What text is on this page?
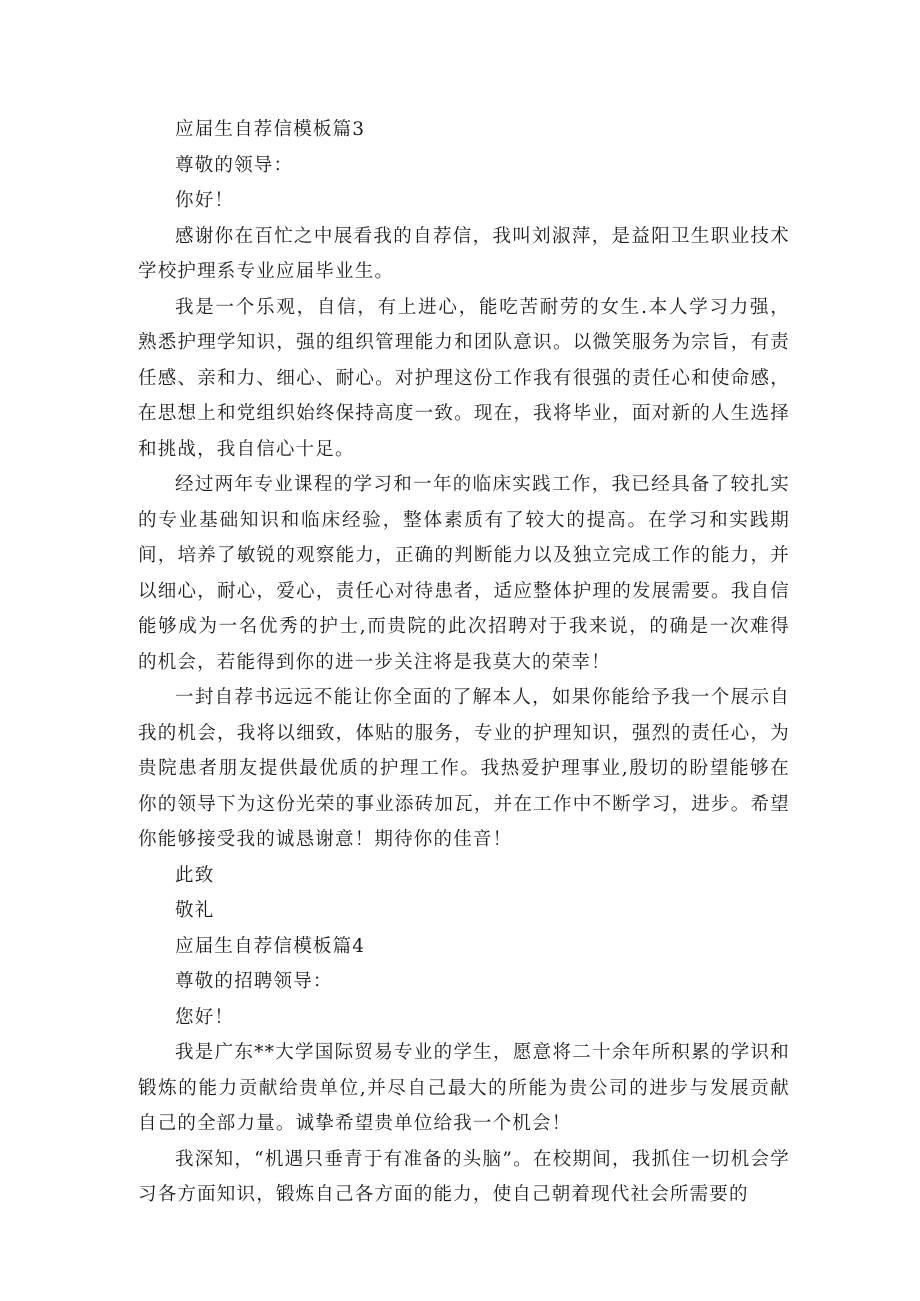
应届生自荐信模板篇3

尊敬的领导：

你好！

感谢你在百忙之中展看我的自荐信，我叫刘淑萍，是益阳卫生职业技术学校护理系专业应届毕业生。

我是一个乐观，自信，有上进心，能吃苦耐劳的女生.本人学习力强，熟悉护理学知识，强的组织管理能力和团队意识。以微笑服务为宗旨，有责任感、亲和力、细心、耐心。对护理这份工作我有很强的责任心和使命感，在思想上和党组织始终保持高度一致。现在，我将毕业，面对新的人生选择和挑战，我自信心十足。

经过两年专业课程的学习和一年的临床实践工作，我已经具备了较扎实的专业基础知识和临床经验，整体素质有了较大的提高。在学习和实践期间，培养了敏锐的观察能力，正确的判断能力以及独立完成工作的能力，并以细心，耐心，爱心，责任心对待患者，适应整体护理的发展需要。我自信能够成为一名优秀的护士,而贵院的此次招聘对于我来说，的确是一次难得的机会，若能得到你的进一步关注将是我莫大的荣幸！

一封自荐书远远不能让你全面的了解本人，如果你能给予我一个展示自我的机会，我将以细致，体贴的服务，专业的护理知识，强烈的责任心，为贵院患者朋友提供最优质的护理工作。我热爱护理事业,殷切的盼望能够在你的领导下为这份光荣的事业添砖加瓦，并在工作中不断学习，进步。希望你能够接受我的诚恳谢意！期待你的佳音！

此致

敬礼

应届生自荐信模板篇4

尊敬的招聘领导：

您好！

我是广东**大学国际贸易专业的学生，愿意将二十余年所积累的学识和锻炼的能力贡献给贵单位,并尽自己最大的所能为贵公司的进步与发展贡献自己的全部力量。诚挚希望贵单位给我一个机会！

我深知，“机遇只垂青于有准备的头脑”。在校期间，我抓住一切机会学习各方面知识，锻炼自己各方面的能力，使自己朝着现代社会所需要的
